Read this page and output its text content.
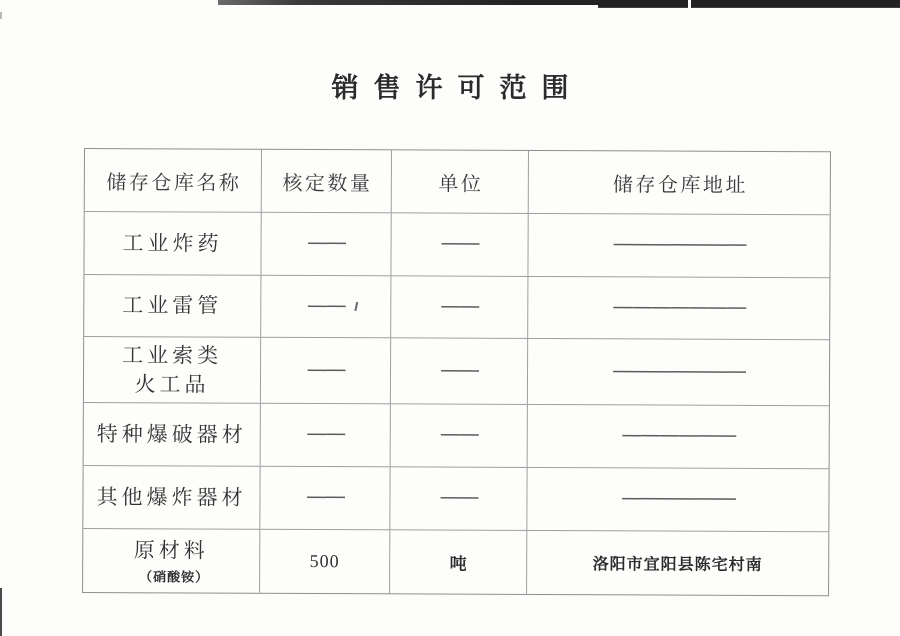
销售许可范围
储存仓库名称	核定数量	单位	储存仓库地址
工业炸药	——	——	———————
工业雷管	——	——	———————
工业索类
火工品
——	——	———————
特种爆破器材	——	——	——————
其他爆炸器材	——	——	——————
原材料
（硝酸铵）
500	吨	洛阳市宜阳县陈宅村南
